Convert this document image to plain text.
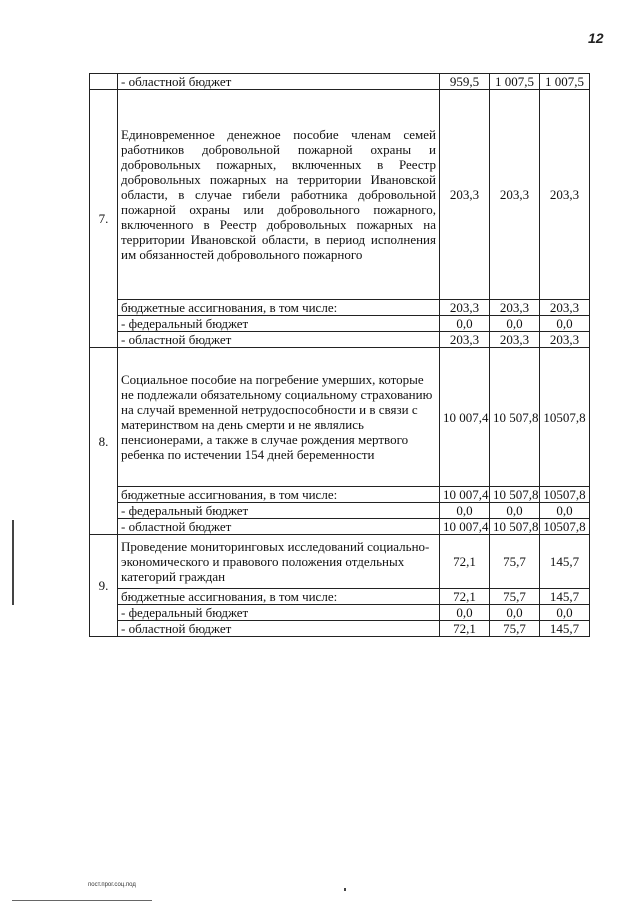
12
	- областной бюджет	959,5	1 007,5	1 007,5
7.	Единовременное денежное пособие членам семей работников добровольной пожарной охраны и добровольных пожарных, включенных в Реестр добровольных пожарных на территории Ивановской области, в случае гибели работника добровольной пожарной охраны или добровольного пожарного, включенного в Реестр добровольных пожарных на территории Ивановской области, в период исполнения им обязанностей добровольного пожарного	203,3	203,3	203,3
	бюджетные ассигнования, в том числе:	203,3	203,3	203,3
	- федеральный бюджет	0,0	0,0	0,0
	- областной бюджет	203,3	203,3	203,3
8.	Социальное пособие на погребение умерших, которые не подлежали обязательному социальному страхованию на случай временной нетрудоспособности и в связи с материнством на день смерти и не являлись пенсионерами, а также в случае рождения мертвого ребенка по истечении 154 дней беременности	10 007,4	10 507,8	10507,8
	бюджетные ассигнования, в том числе:	10 007,4	10 507,8	10507,8
	- федеральный бюджет	0,0	0,0	0,0
	- областной бюджет	10 007,4	10 507,8	10507,8
9.	Проведение мониторинговых исследований социально-экономического и правового положения отдельных категорий граждан	72,1	75,7	145,7
	бюджетные ассигнования, в том числе:	72,1	75,7	145,7
	- федеральный бюджет	0,0	0,0	0,0
	- областной бюджет	72,1	75,7	145,7
пост.прог.соц.под
